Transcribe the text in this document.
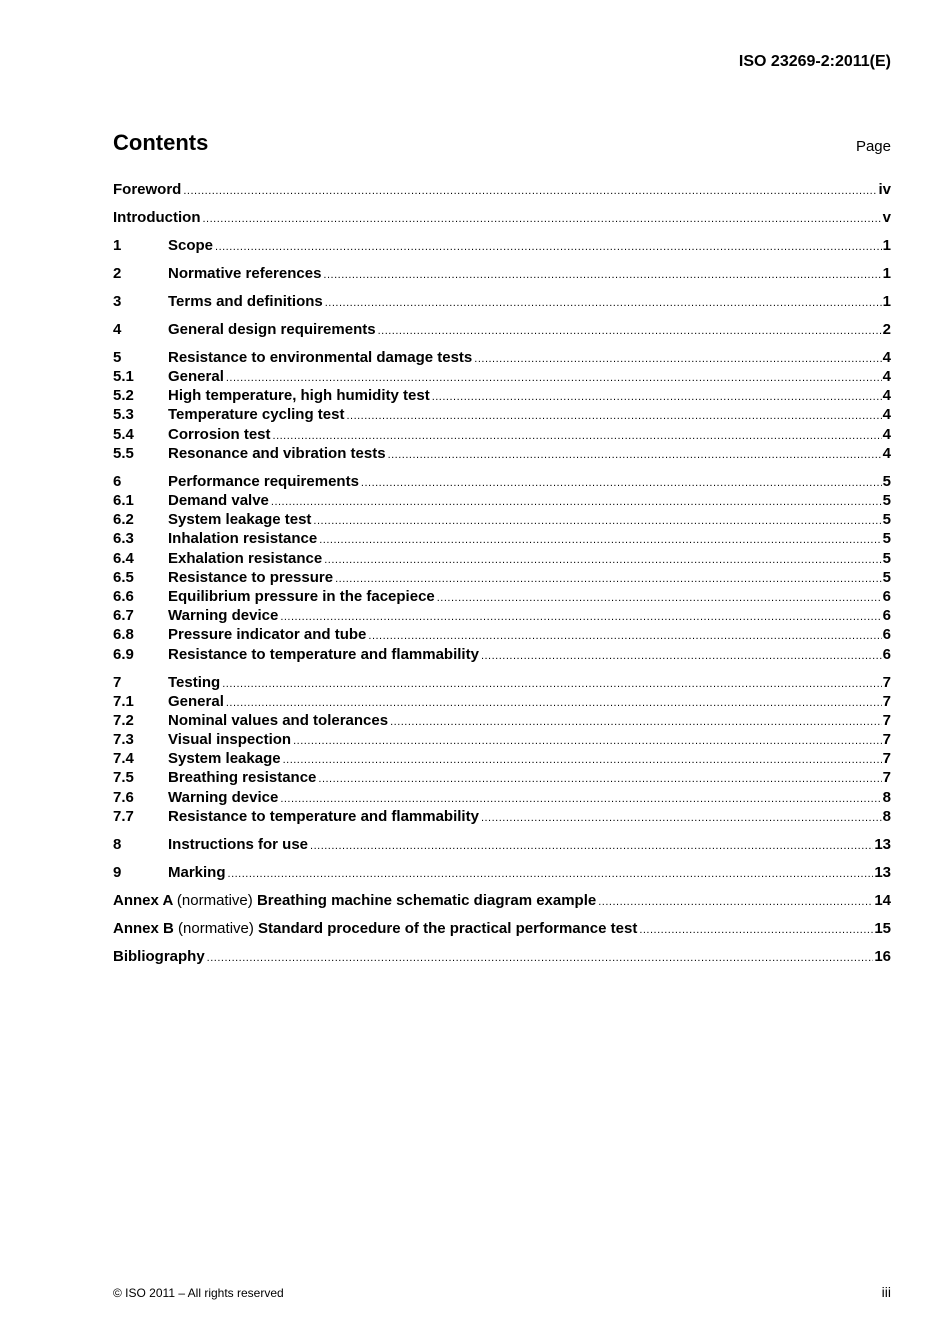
ISO 23269-2:2011(E)
Contents	Page
Foreword .....	iv
Introduction .....	v
1	Scope .....	1
2	Normative references .....	1
3	Terms and definitions .....	1
4	General design requirements .....	2
5	Resistance to environmental damage tests .....	4
5.1	General .....	4
5.2	High temperature, high humidity test .....	4
5.3	Temperature cycling test .....	4
5.4	Corrosion test .....	4
5.5	Resonance and vibration tests .....	4
6	Performance requirements .....	5
6.1	Demand valve .....	5
6.2	System leakage test .....	5
6.3	Inhalation resistance .....	5
6.4	Exhalation resistance .....	5
6.5	Resistance to pressure .....	5
6.6	Equilibrium pressure in the facepiece .....	6
6.7	Warning device .....	6
6.8	Pressure indicator and tube .....	6
6.9	Resistance to temperature and flammability .....	6
7	Testing .....	7
7.1	General .....	7
7.2	Nominal values and tolerances .....	7
7.3	Visual inspection .....	7
7.4	System leakage .....	7
7.5	Breathing resistance .....	7
7.6	Warning device .....	8
7.7	Resistance to temperature and flammability .....	8
8	Instructions for use .....	13
9	Marking .....	13
Annex A (normative) Breathing machine schematic diagram example .....	14
Annex B (normative) Standard procedure of the practical performance test .....	15
Bibliography .....	16
© ISO 2011 – All rights reserved	iii
